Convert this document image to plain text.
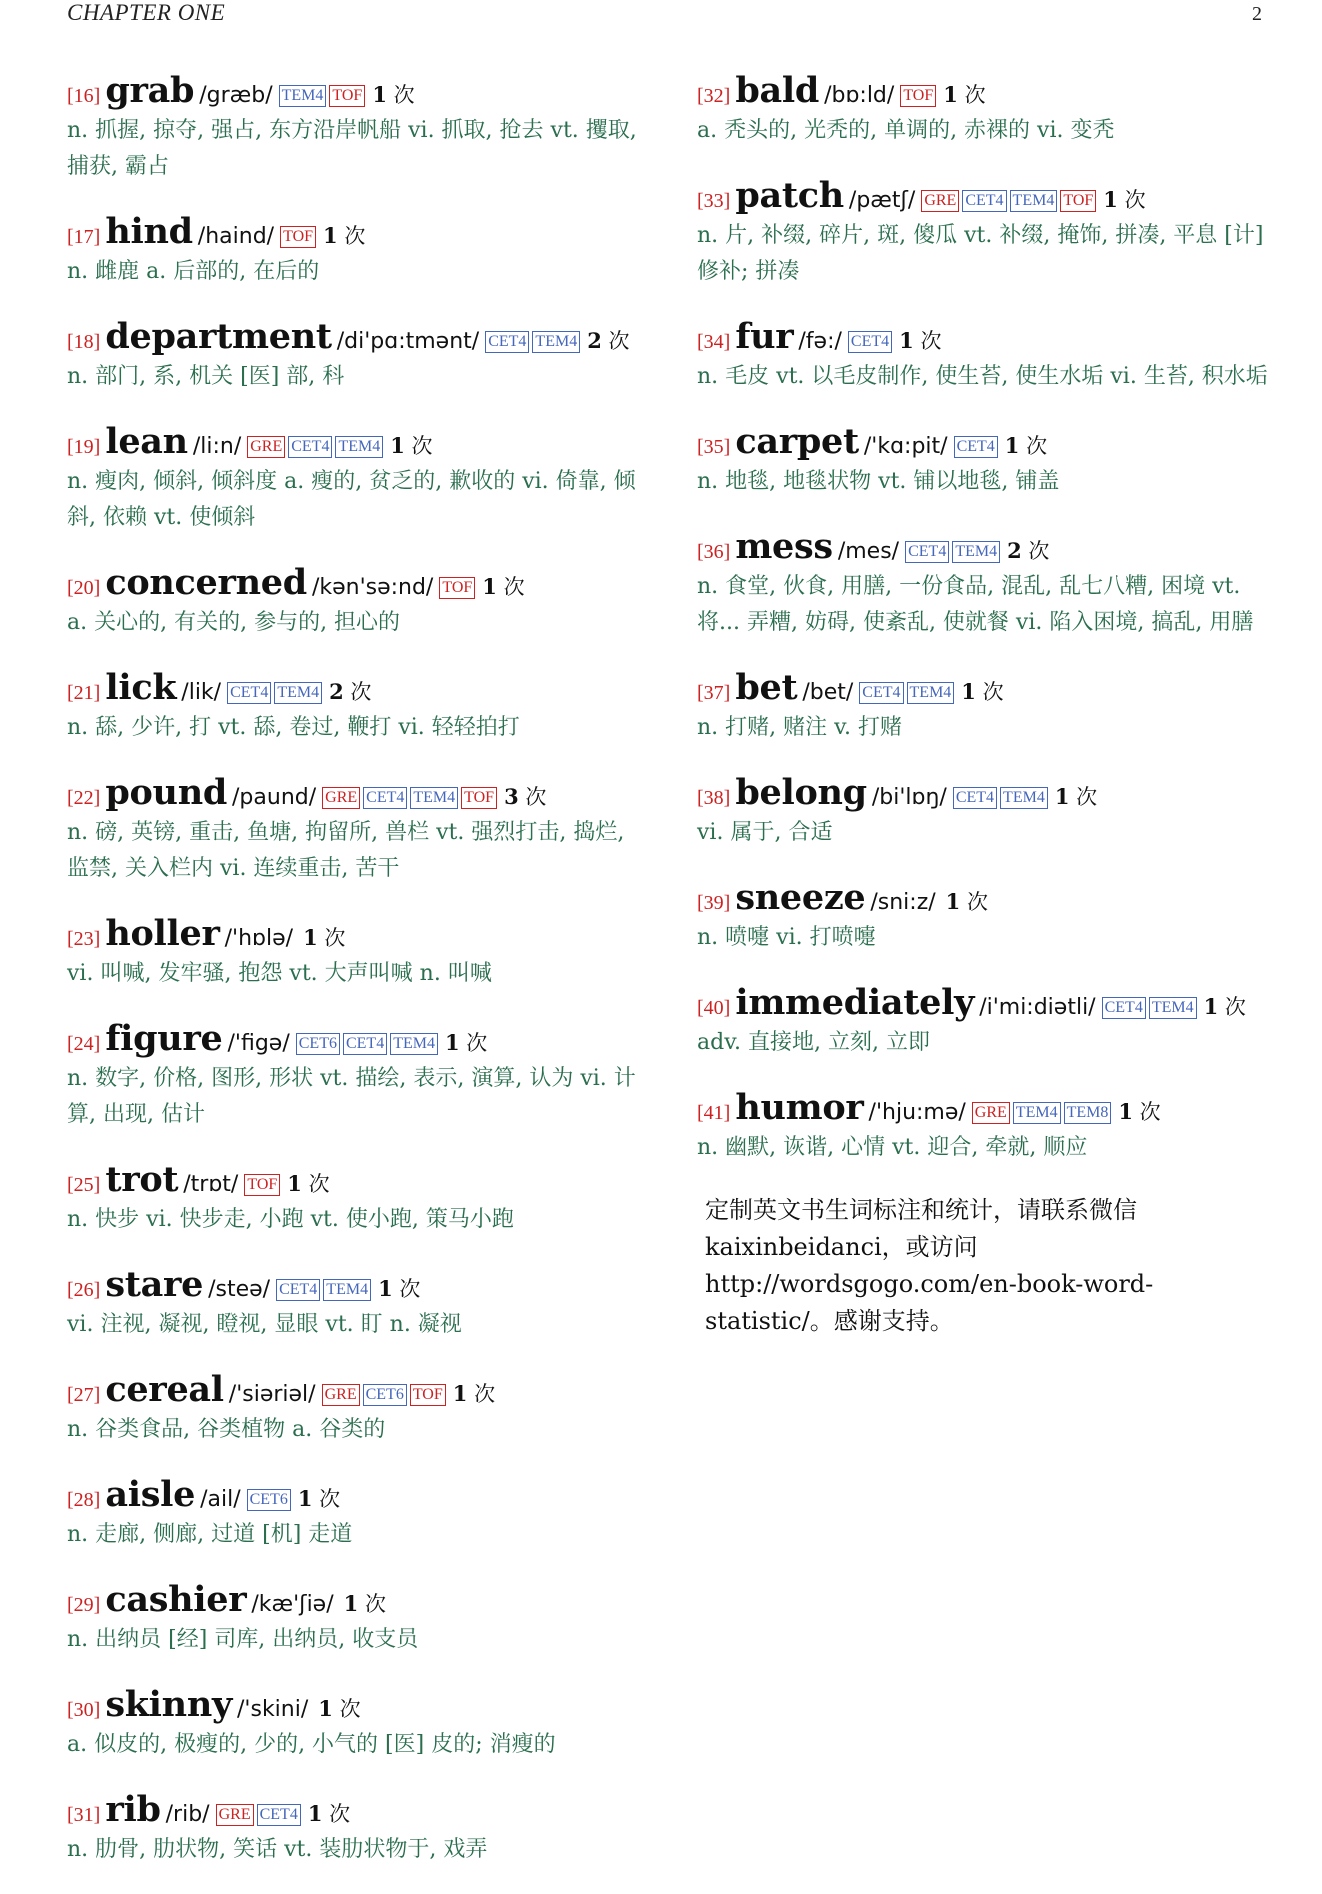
CHAPTER ONE	2
[16] grab /græb/ TEM4 TOF 1 次
n. 抓握, 掠夺, 强占, 东方沿岸帆船 vi. 抓取, 抢去 vt. 攫取, 捕获, 霸占
[17] hind /haind/ TOF 1 次
n. 雌鹿 a. 后部的, 在后的
[18] department /di'pɑ:tmənt/ CET4 TEM4 2 次
n. 部门, 系, 机关 [医] 部, 科
[19] lean /li:n/ GRE CET4 TEM4 1 次
n. 瘦肉, 倾斜, 倾斜度 a. 瘦的, 贫乏的, 歉收的 vi. 倚靠, 倾斜, 依赖 vt. 使倾斜
[20] concerned /kən'sə:nd/ TOF 1 次
a. 关心的, 有关的, 参与的, 担心的
[21] lick /lik/ CET4 TEM4 2 次
n. 舔, 少许, 打 vt. 舔, 卷过, 鞭打 vi. 轻轻拍打
[22] pound /paund/ GRE CET4 TEM4 TOF 3 次
n. 磅, 英镑, 重击, 鱼塘, 拘留所, 兽栏 vt. 强烈打击, 捣烂, 监禁, 关入栏内 vi. 连续重击, 苦干
[23] holler /'hɒlə/ 1 次
vi. 叫喊, 发牢骚, 抱怨 vt. 大声叫喊 n. 叫喊
[24] figure /'figə/ CET6 CET4 TEM4 1 次
n. 数字, 价格, 图形, 形状 vt. 描绘, 表示, 演算, 认为 vi. 计算, 出现, 估计
[25] trot /trɒt/ TOF 1 次
n. 快步 vi. 快步走, 小跑 vt. 使小跑, 策马小跑
[26] stare /steə/ CET4 TEM4 1 次
vi. 注视, 凝视, 瞪视, 显眼 vt. 盯 n. 凝视
[27] cereal /'siəriəl/ GRE CET6 TOF 1 次
n. 谷类食品, 谷类植物 a. 谷类的
[28] aisle /ail/ CET6 1 次
n. 走廊, 侧廊, 过道 [机] 走道
[29] cashier /kæ'ʃiə/ 1 次
n. 出纳员 [经] 司库, 出纳员, 收支员
[30] skinny /'skini/ 1 次
a. 似皮的, 极瘦的, 少的, 小气的 [医] 皮的; 消瘦的
[31] rib /rib/ GRE CET4 1 次
n. 肋骨, 肋状物, 笑话 vt. 装肋状物于, 戏弄
[32] bald /bɒ:ld/ TOF 1 次
a. 秃头的, 光秃的, 单调的, 赤裸的 vi. 变秃
[33] patch /pætʃ/ GRE CET4 TEM4 TOF 1 次
n. 片, 补缀, 碎片, 斑, 傻瓜 vt. 补缀, 掩饰, 拼凑, 平息 [计] 修补; 拼凑
[34] fur /fə:/ CET4 1 次
n. 毛皮 vt. 以毛皮制作, 使生苔, 使生水垢 vi. 生苔, 积水垢
[35] carpet /'kɑ:pit/ CET4 1 次
n. 地毯, 地毯状物 vt. 铺以地毯, 铺盖
[36] mess /mes/ CET4 TEM4 2 次
n. 食堂, 伙食, 用膳, 一份食品, 混乱, 乱七八糟, 困境 vt. 将... 弄糟, 妨碍, 使紊乱, 使就餐 vi. 陷入困境, 搞乱, 用膳
[37] bet /bet/ CET4 TEM4 1 次
n. 打赌, 赌注 v. 打赌
[38] belong /bi'lɒŋ/ CET4 TEM4 1 次
vi. 属于, 合适
[39] sneeze /sni:z/ 1 次
n. 喷嚏 vi. 打喷嚏
[40] immediately /i'mi:diətli/ CET4 TEM4 1 次
adv. 直接地, 立刻, 立即
[41] humor /'hju:mə/ GRE TEM4 TEM8 1 次
n. 幽默, 诙谐, 心情 vt. 迎合, 牵就, 顺应
定制英文书生词标注和统计，请联系微信 kaixinbeidanci，或访问 http://wordsgogo.com/en-book-word-statistic/。感谢支持。
